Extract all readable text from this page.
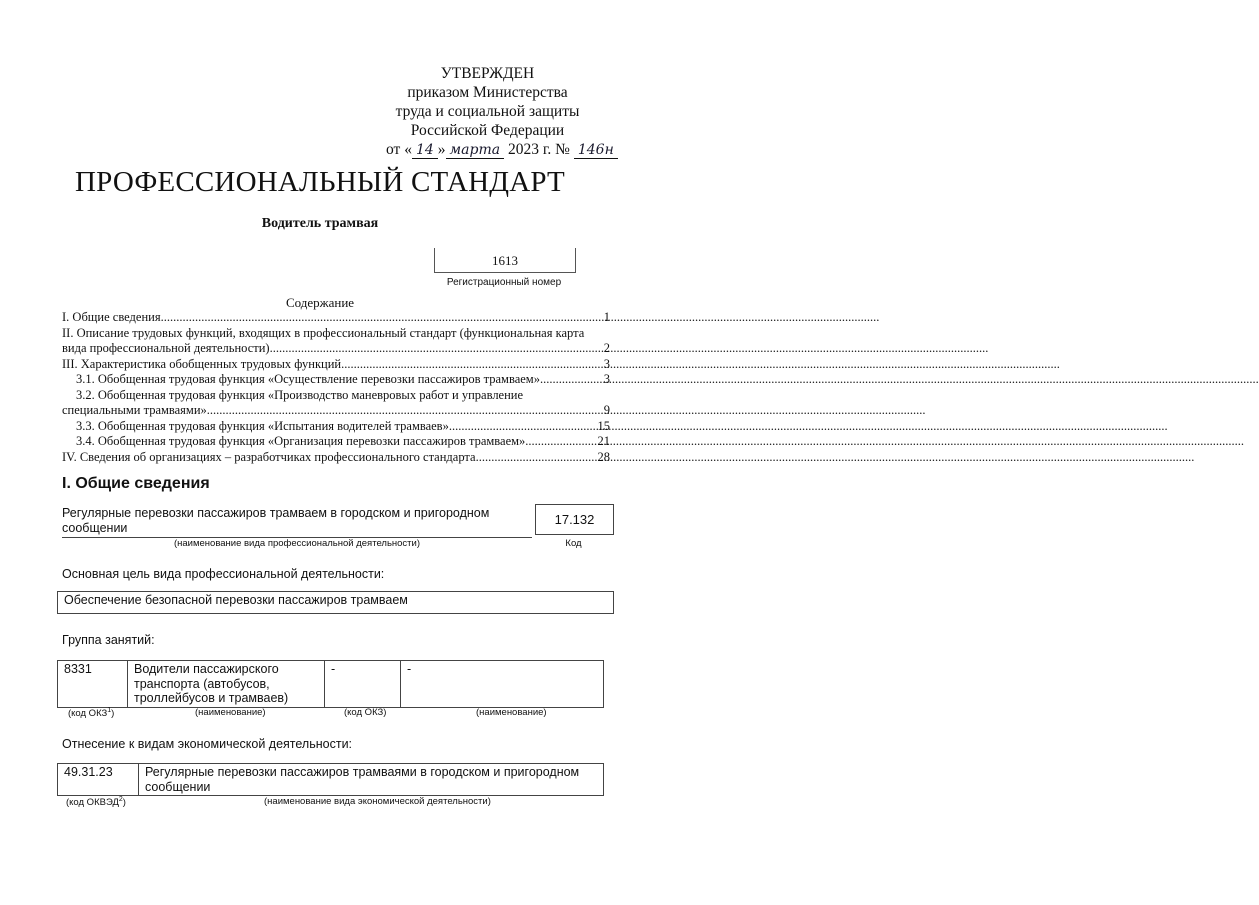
УТВЕРЖДЕН
приказом Министерства
труда и социальной защиты
Российской Федерации
от « 14 » марта 2023 г. № 146н
ПРОФЕССИОНАЛЬНЫЙ СТАНДАРТ
Водитель трамвая
1613
Регистрационный номер
Содержание
I. Общие сведения .....	1
II. Описание трудовых функций, входящих в профессиональный стандарт (функциональная карта
вида профессиональной деятельности) .....	2
III. Характеристика обобщенных трудовых функций .....	3
3.1. Обобщенная трудовая функция «Осуществление перевозки пассажиров трамваем» .....	3
3.2. Обобщенная трудовая функция «Производство маневровых работ и управление
специальными трамваями» .....	9
3.3. Обобщенная трудовая функция «Испытания водителей трамваев» .....	15
3.4. Обобщенная трудовая функция «Организация перевозки пассажиров трамваем» .....	21
IV. Сведения об организациях – разработчиках профессионального стандарта .....	28
I. Общие сведения
Регулярные перевозки пассажиров трамваем в городском и пригородном сообщении
(наименование вида профессиональной деятельности)
17.132
Код
Основная цель вида профессиональной деятельности:
Обеспечение безопасной перевозки пассажиров трамваем
Группа занятий:
8331	Водители пассажирского транспорта (автобусов, троллейбусов и трамваев)	-	-
(код ОКЗ$^1$)	(наименование)	(код ОКЗ)	(наименование)
Отнесение к видам экономической деятельности:
49.31.23	Регулярные перевозки пассажиров трамваями в городском и пригородном сообщении
(код ОКВЭД$^2$)	(наименование вида экономической деятельности)
